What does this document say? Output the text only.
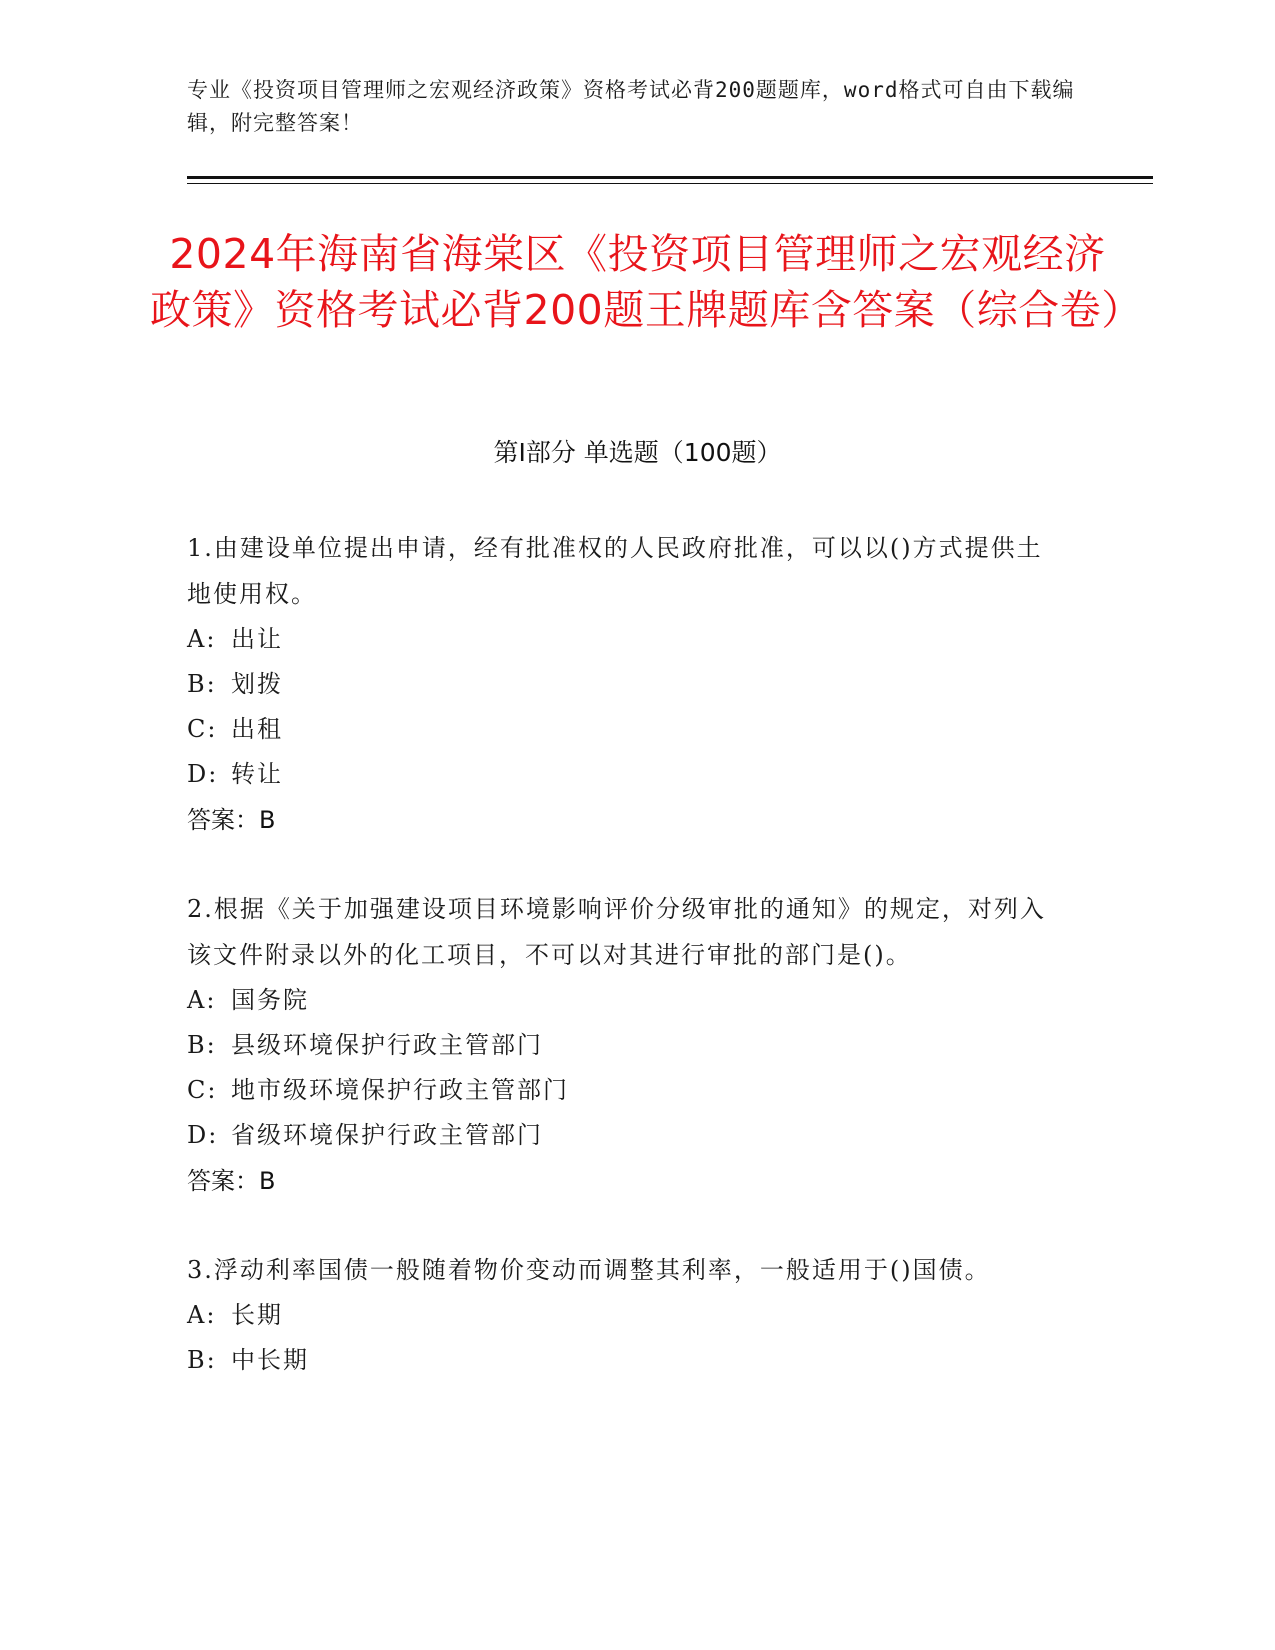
专业《投资项目管理师之宏观经济政策》资格考试必背200题题库，word格式可自由下载编辑，附完整答案！
2024年海南省海棠区《投资项目管理师之宏观经济政策》资格考试必背200题王牌题库含答案（综合卷）
第Ⅰ部分 单选题（100题）
1.由建设单位提出申请，经有批准权的人民政府批准，可以以()方式提供土地使用权。
A: 出让
B: 划拨
C: 出租
D: 转让
答案：B
2.根据《关于加强建设项目环境影响评价分级审批的通知》的规定，对列入该文件附录以外的化工项目，不可以对其进行审批的部门是()。
A: 国务院
B: 县级环境保护行政主管部门
C: 地市级环境保护行政主管部门
D: 省级环境保护行政主管部门
答案：B
3.浮动利率国债一般随着物价变动而调整其利率，一般适用于()国债。
A: 长期
B: 中长期
